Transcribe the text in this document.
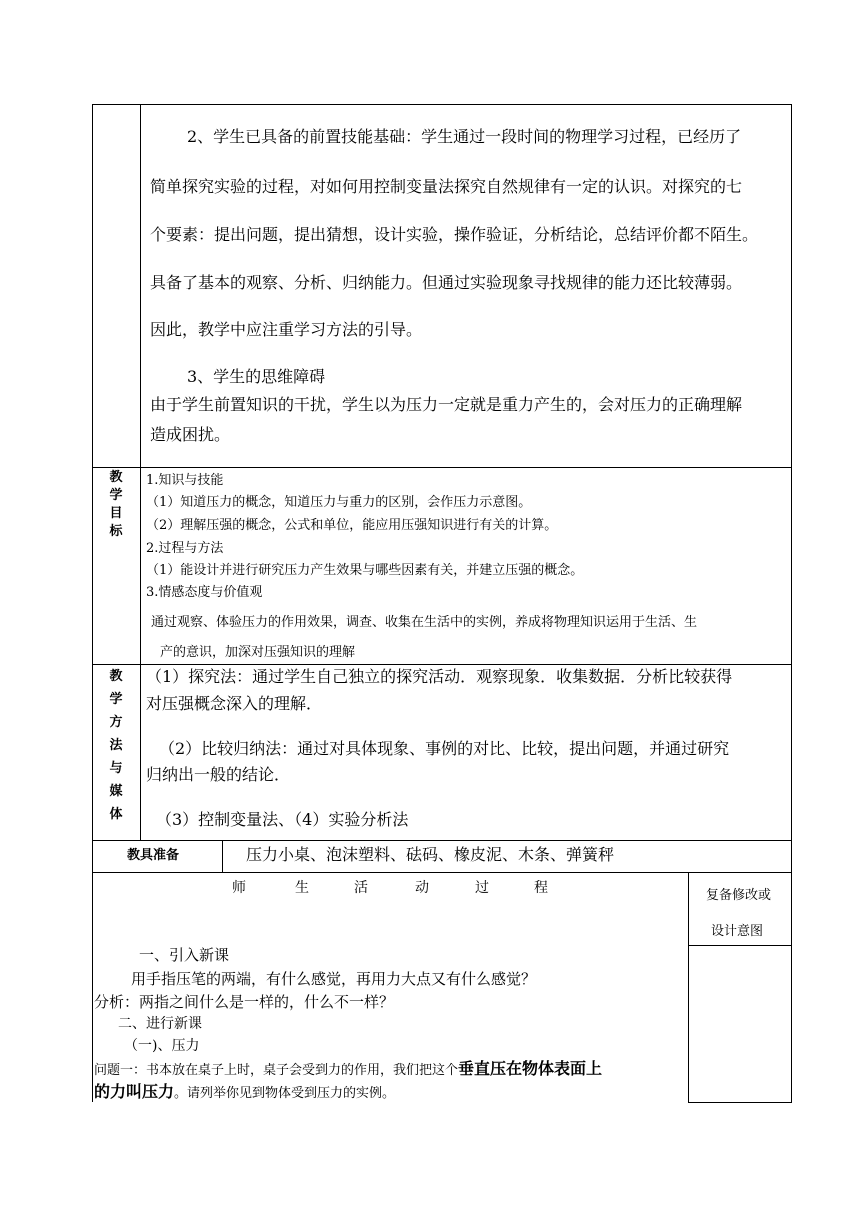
2、学生已具备的前置技能基础：学生通过一段时间的物理学习过程，已经历了
简单探究实验的过程，对如何用控制变量法探究自然规律有一定的认识。对探究的七
个要素：提出问题，提出猜想，设计实验，操作验证，分析结论，总结评价都不陌生。
具备了基本的观察、分析、归纳能力。但通过实验现象寻找规律的能力还比较薄弱。
因此，教学中应注重学习方法的引导。
3、学生的思维障碍
由于学生前置知识的干扰，学生以为压力一定就是重力产生的，会对压力的正确理解
造成困扰。
教
学
目
标
1.知识与技能
（1）知道压力的概念，知道压力与重力的区别，会作压力示意图。
（2）理解压强的概念，公式和单位，能应用压强知识进行有关的计算。
2.过程与方法
（1）能设计并进行研究压力产生效果与哪些因素有关，并建立压强的概念。
3.情感态度与价值观
通过观察、体验压力的作用效果，调查、收集在生活中的实例，养成将物理知识运用于生活、生
产的意识，加深对压强知识的理解
教
学
方
法
与
媒
体
（1）探究法：通过学生自己独立的探究活动．观察现象．收集数据．分析比较获得
对压强概念深入的理解．
（2）比较归纳法：通过对具体现象、事例的对比、比较，提出问题，并通过研究
归纳出一般的结论．
（3）控制变量法、（4）实验分析法
教具准备	压力小桌、泡沫塑料、砝码、橡皮泥、木条、弹簧秤
师	生	活	动	过	程	复备修改或
设计意图
一、引入新课
用手指压笔的两端，有什么感觉，再用力大点又有什么感觉？
分析：两指之间什么是一样的，什么不一样？
二、进行新课
（一)、压力
问题一：书本放在桌子上时，桌子会受到力的作用，我们把这个垂直压在物体表面上
的力叫压力。请列举你见到物体受到压力的实例。
